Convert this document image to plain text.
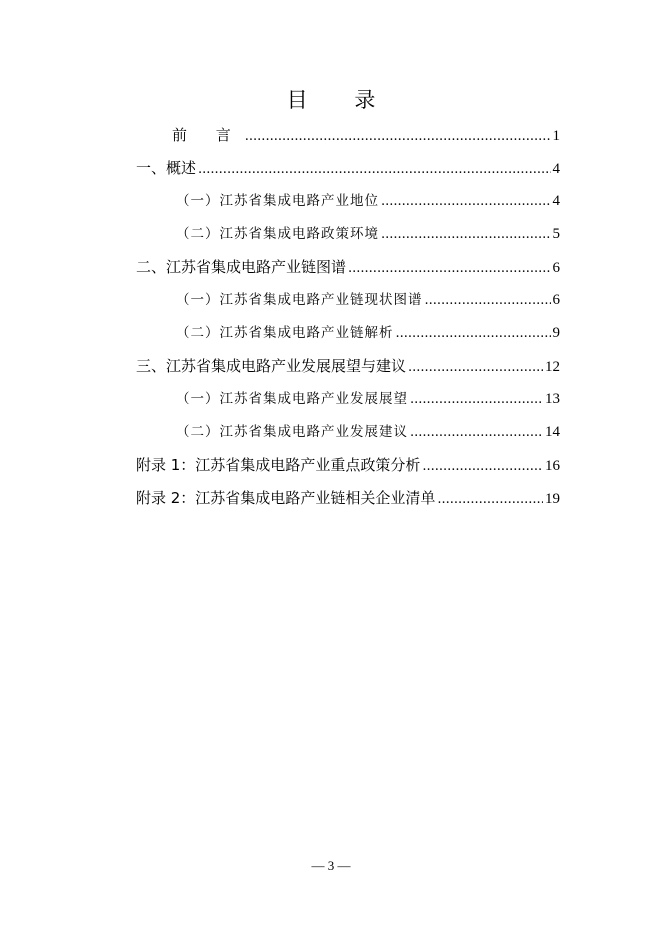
目 录
前 言 .....	1
一、概述 .....	4
（一）江苏省集成电路产业地位 .....	4
（二）江苏省集成电路政策环境 .....	5
二、江苏省集成电路产业链图谱 .....	6
（一）江苏省集成电路产业链现状图谱 .....	6
（二）江苏省集成电路产业链解析 .....	9
三、江苏省集成电路产业发展展望与建议 .....	12
（一）江苏省集成电路产业发展展望 .....	13
（二）江苏省集成电路产业发展建议 .....	14
附录 1：江苏省集成电路产业重点政策分析 .....	16
附录 2：江苏省集成电路产业链相关企业清单 .....	19
— 3 —
